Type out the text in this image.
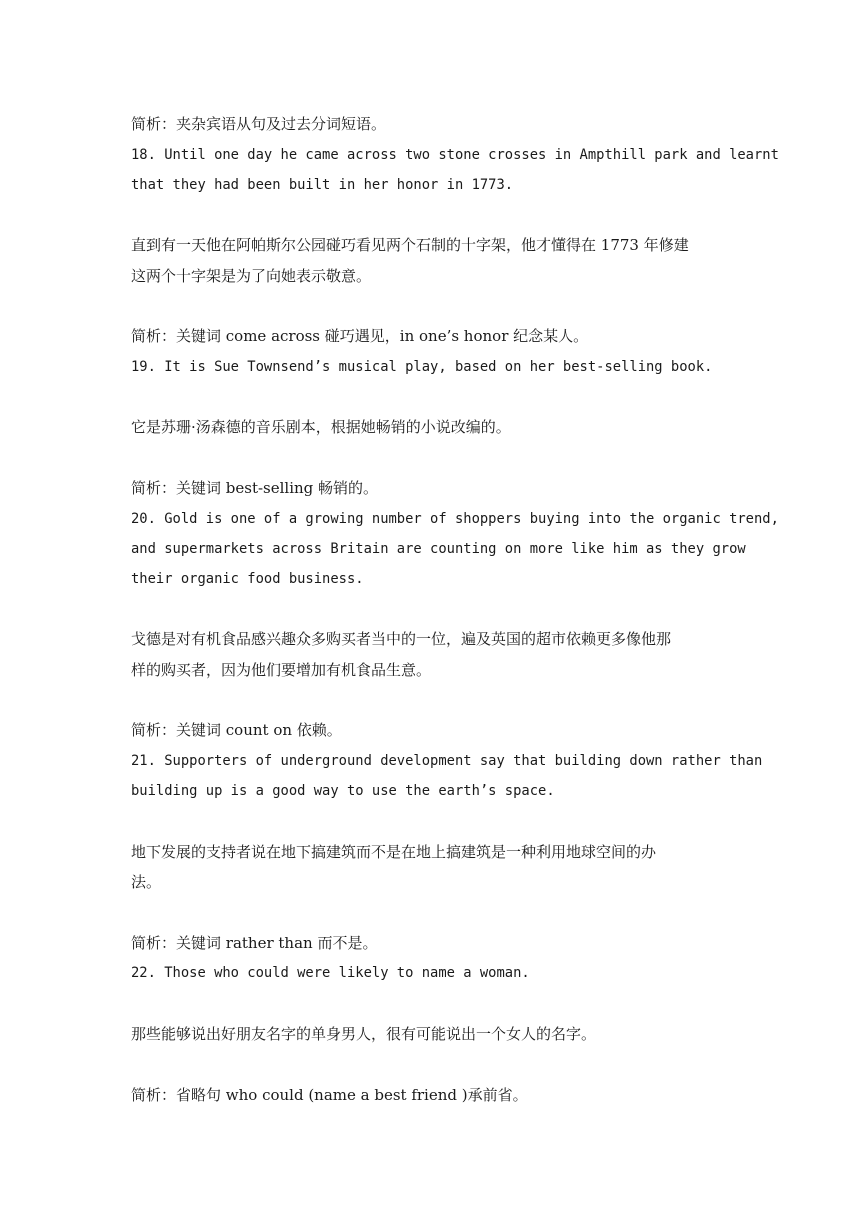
简析：夹杂宾语从句及过去分词短语。
18. Until one day he came across two stone crosses in Ampthill park and learnt
that they had been built in her honor in 1773.
直到有一天他在阿帕斯尔公园碰巧看见两个石制的十字架，他才懂得在 1773 年修建
这两个十字架是为了向她表示敬意。
简析：关键词 come across 碰巧遇见，in one’s honor 纪念某人。
19. It is Sue Townsend’s musical play, based on her best-selling book.
它是苏珊·汤森德的音乐剧本，根据她畅销的小说改编的。
简析：关键词 best-selling 畅销的。
20. Gold is one of a growing number of shoppers buying into the organic trend,
and supermarkets across Britain are counting on more like him as they grow
their organic food business.
戈德是对有机食品感兴趣众多购买者当中的一位，遍及英国的超市依赖更多像他那
样的购买者，因为他们要增加有机食品生意。
简析：关键词 count on 依赖。
21. Supporters of underground development say that building down rather than
building up is a good way to use the earth’s space.
地下发展的支持者说在地下搞建筑而不是在地上搞建筑是一种利用地球空间的办
法。
简析：关键词 rather than 而不是。
22. Those who could were likely to name a woman.
那些能够说出好朋友名字的单身男人，很有可能说出一个女人的名字。
简析：省略句 who could (name a best friend )承前省。
